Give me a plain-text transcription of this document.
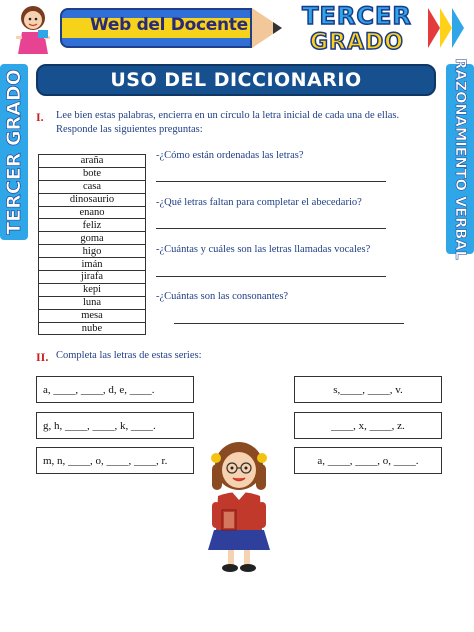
Web del Docente	TERCER
GRADO
TERCER GRADO	RAZONAMIENTO VERBAL
USO DEL DICCIONARIO
I. Lee bien estas palabras, encierra en un círculo la letra inicial de cada una de ellas. Responde las siguientes preguntas:

araña
bote
casa
dinosaurio
enano
feliz
goma
higo
imán
jirafa
kepi
luna
mesa
nube

-¿Cómo están ordenadas las letras?

-¿Qué letras faltan para completar el abecedario?

-¿Cuántas y cuáles son las letras llamadas vocales?

-¿Cuántas son las consonantes?

II. Completa las letras de estas series:

a, ____, ____, d, e, ____.
g, h, ____, ____, k, ____.
m, n, ____, o, ____, ____, r.
s,____, ____, v.
____, x, ____, z.
a, ____, ____, o, ____.
